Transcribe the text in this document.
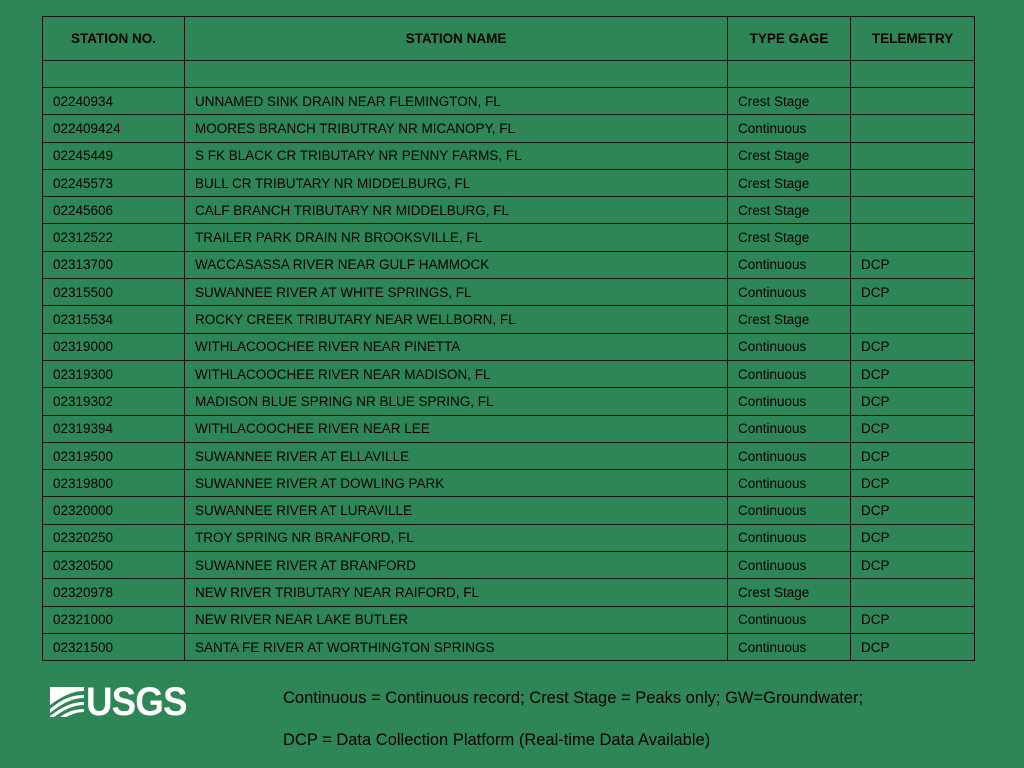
STATION NO.	STATION NAME	TYPE GAGE	TELEMETRY

02240934	UNNAMED SINK DRAIN NEAR FLEMINGTON, FL	Crest Stage	
022409424	MOORES BRANCH TRIBUTRAY NR MICANOPY, FL	Continuous	
02245449	S FK BLACK CR TRIBUTARY NR PENNY FARMS, FL	Crest Stage	
02245573	BULL CR TRIBUTARY NR MIDDELBURG, FL	Crest Stage	
02245606	CALF BRANCH TRIBUTARY NR MIDDELBURG, FL	Crest Stage	
02312522	TRAILER PARK DRAIN NR BROOKSVILLE, FL	Crest Stage	
02313700	WACCASASSA RIVER NEAR GULF HAMMOCK	Continuous	DCP
02315500	SUWANNEE RIVER AT WHITE SPRINGS, FL	Continuous	DCP
02315534	ROCKY CREEK TRIBUTARY NEAR WELLBORN, FL	Crest Stage	
02319000	WITHLACOOCHEE RIVER NEAR PINETTA	Continuous	DCP
02319300	WITHLACOOCHEE RIVER NEAR MADISON, FL	Continuous	DCP
02319302	MADISON BLUE SPRING NR BLUE SPRING, FL	Continuous	DCP
02319394	WITHLACOOCHEE RIVER NEAR LEE	Continuous	DCP
02319500	SUWANNEE RIVER AT ELLAVILLE	Continuous	DCP
02319800	SUWANNEE RIVER AT DOWLING PARK	Continuous	DCP
02320000	SUWANNEE RIVER AT LURAVILLE	Continuous	DCP
02320250	TROY SPRING NR BRANFORD, FL	Continuous	DCP
02320500	SUWANNEE RIVER AT BRANFORD	Continuous	DCP
02320978	NEW RIVER TRIBUTARY NEAR RAIFORD, FL	Crest Stage	
02321000	NEW RIVER NEAR LAKE BUTLER	Continuous	DCP
02321500	SANTA FE RIVER AT WORTHINGTON SPRINGS	Continuous	DCP
USGS	Continuous = Continuous record; Crest Stage = Peaks only; GW=Groundwater;
DCP = Data Collection Platform (Real-time Data Available)
